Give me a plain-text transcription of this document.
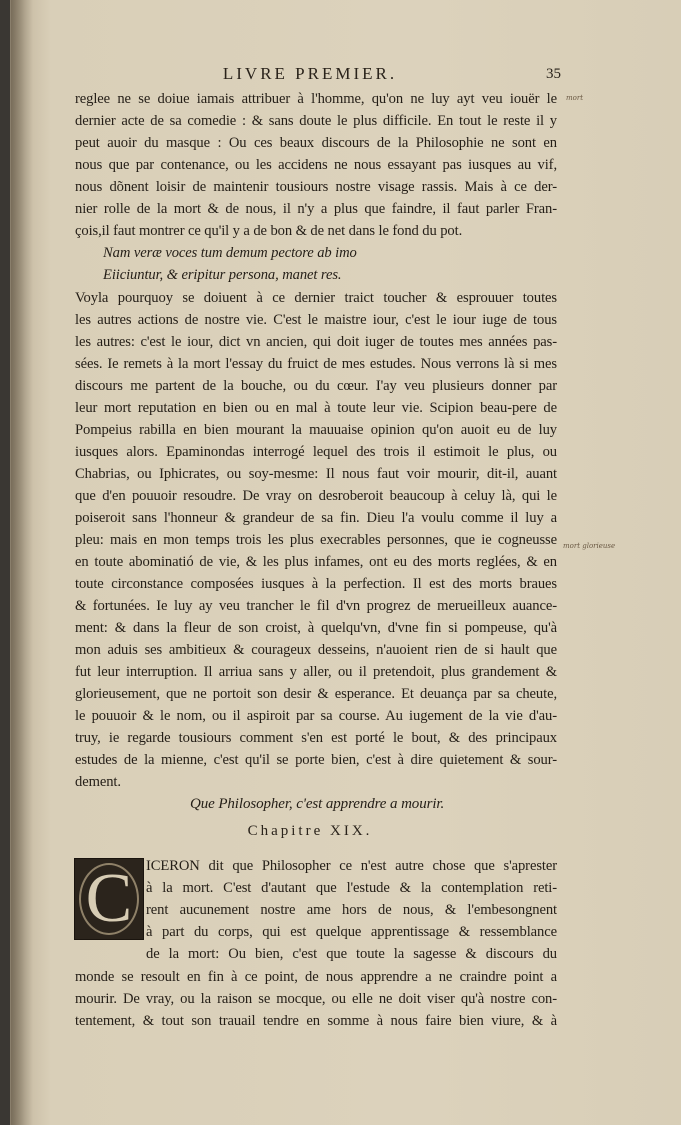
LIVRE PREMIER.	35
mort
mort glorieuse
reglee ne se doiue iamais attribuer à l'homme, qu'on ne luy ayt veu iouër le
dernier acte de sa comedie : & sans doute le plus difficile. En tout le reste il y
peut auoir du masque : Ou ces beaux discours de la Philosophie ne sont en
nous que par contenance, ou les accidens ne nous essayant pas iusques au vif,
nous dõnent loisir de maintenir tousiours nostre visage rassis. Mais à ce der-
nier rolle de la mort & de nous, il n'y a plus que faindre, il faut parler Fran-
çois,il faut montrer ce qu'il y a de bon & de net dans le fond du pot.
Nam veræ voces tum demum pectore ab imo
Eiiciuntur, & eripitur persona, manet res.
Voyla pourquoy se doiuent à ce dernier traict toucher & esprouuer toutes
les autres actions de nostre vie. C'est le maistre iour, c'est le iour iuge de tous
les autres: c'est le iour, dict vn ancien, qui doit iuger de toutes mes années pas-
sées. Ie remets à la mort l'essay du fruict de mes estudes. Nous verrons là si mes
discours me partent de la bouche, ou du cœur. I'ay veu plusieurs donner par
leur mort reputation en bien ou en mal à toute leur vie. Scipion beau-pere de
Pompeius rabilla en bien mourant la mauuaise opinion qu'on auoit eu de luy
iusques alors. Epaminondas interrogé lequel des trois il estimoit le plus, ou
Chabrias, ou Iphicrates, ou soy-mesme: Il nous faut voir mourir, dit-il, auant
que d'en pouuoir resoudre. De vray on desroberoit beaucoup à celuy là, qui le
poiseroit sans l'honneur & grandeur de sa fin. Dieu l'a voulu comme il luy a
pleu: mais en mon temps trois les plus execrables personnes, que ie cogneusse
en toute abominatió de vie, & les plus infames, ont eu des morts reglées, & en
toute circonstance composées iusques à la perfection. Il est des morts braues
& fortunées. Ie luy ay veu trancher le fil d'vn progrez de merueilleux auance-
ment: & dans la fleur de son croist, à quelqu'vn, d'vne fin si pompeuse, qu'à
mon aduis ses ambitieux & courageux desseins, n'auoient rien de si hault que
fut leur interruption. Il arriua sans y aller, ou il pretendoit, plus grandement &
glorieusement, que ne portoit son desir & esperance. Et deuança par sa cheute,
le pouuoir & le nom, ou il aspiroit par sa course. Au iugement de la vie d'au-
truy, ie regarde tousiours comment s'en est porté le bout, & des principaux
estudes de la mienne, c'est qu'il se porte bien, c'est à dire quietement & sour-
dement.
Que Philosopher, c'est apprendre a mourir.
Chapitre XIX.
C ICERON dit que Philosopher ce n'est autre chose que s'aprester
à la mort. C'est d'autant que l'estude & la contemplation reti-
rent aucunement nostre ame hors de nous, & l'embesongnent
à part du corps, qui est quelque apprentissage & ressemblance
de la mort: Ou bien, c'est que toute la sagesse & discours du
monde se resoult en fin à ce point, de nous apprendre a ne craindre point a
mourir. De vray, ou la raison se mocque, ou elle ne doit viser qu'à nostre con-
tentement, & tout son trauail tendre en somme à nous faire bien viure, & à
